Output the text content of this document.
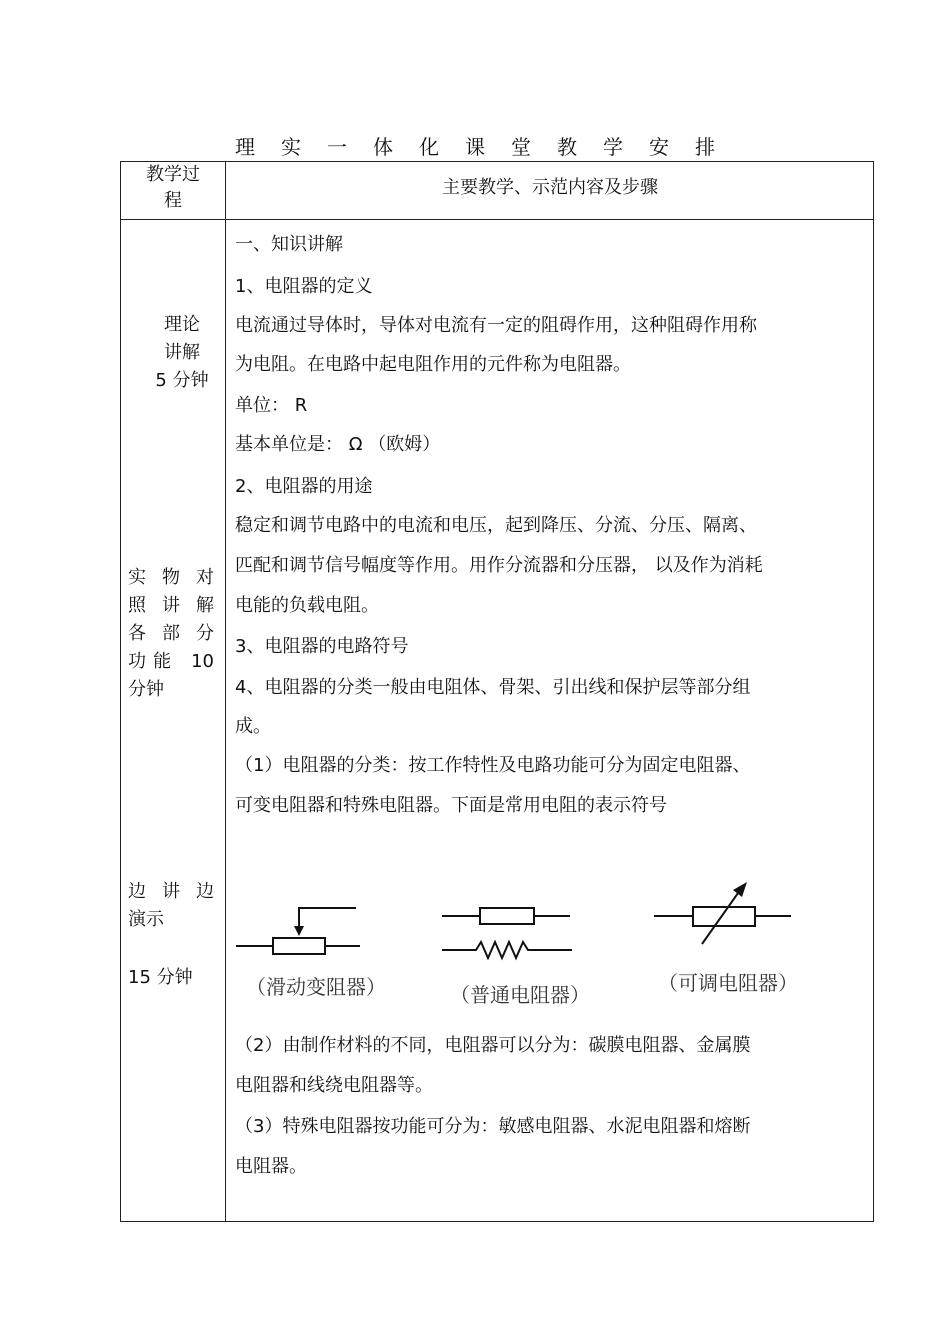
理实一体化课堂教学安排
教学过
程
主要教学、示范内容及步骤
理论
讲解
5 分钟
实物对
照讲解
各部分
功能 10
分钟
边讲边
演示
15 分钟
一、知识讲解
1、电阻器的定义
电流通过导体时，导体对电流有一定的阻碍作用，这种阻碍作用称
为电阻。在电路中起电阻作用的元件称为电阻器。
单位： R
基本单位是： Ω （欧姆）
2、电阻器的用途
稳定和调节电路中的电流和电压，起到降压、分流、分压、隔离、
匹配和调节信号幅度等作用。用作分流器和分压器， 以及作为消耗
电能的负载电阻。
3、电阻器的电路符号
4、电阻器的分类一般由电阻体、骨架、引出线和保护层等部分组
成。
（1）电阻器的分类：按工作特性及电路功能可分为固定电阻器、
可变电阻器和特殊电阻器。下面是常用电阻的表示符号
（2）由制作材料的不同，电阻器可以分为：碳膜电阻器、金属膜
电阻器和线绕电阻器等。
（3）特殊电阻器按功能可分为：敏感电阻器、水泥电阻器和熔断
电阻器。
（滑动变阻器）	（普通电阻器）	（可调电阻器）
